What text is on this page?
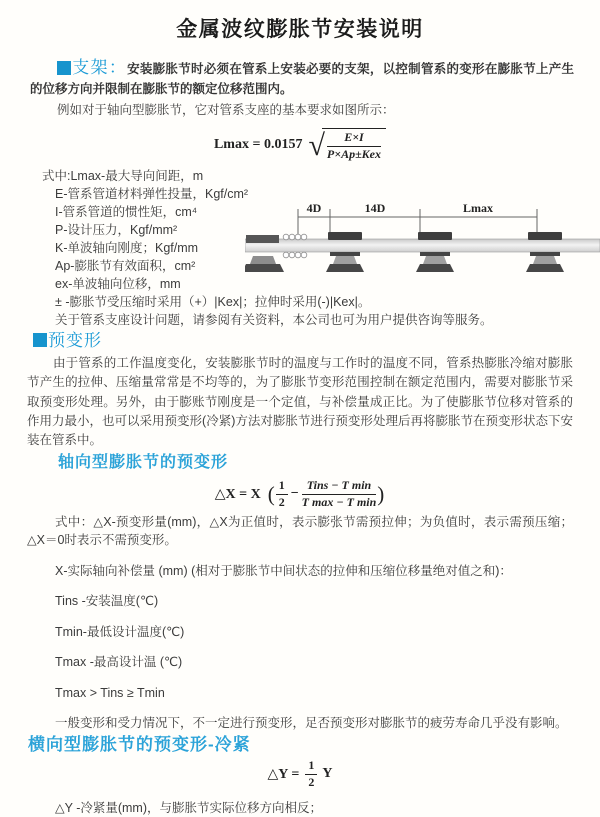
金属波纹膨胀节安装说明

支架：安装膨胀节时必须在管系上安装必要的支架，以控制管系的变形在膨胀节上产生的位移方向并限制在膨胀节的额定位移范围内。

例如对于轴向型膨胀节，它对管系支座的基本要求如图所示：

Lmax = 0.0157 √ $\frac{E\times I}{\text{P×Ap±Kex}}$
式中:Lmax-最大导向间距，m
E-管系管道材料弹性投量，Kgf/cm²
I-管系管道的惯性矩，cm⁴
P-设计压力，Kgf/mm²
K-单波轴向刚度；Kgf/mm
Ap-膨胀节有效面积，cm²
ex-单波轴向位移，mm
± -膨胀节受压缩时采用（+）|Kex|；拉伸时采用(-)|Kex|。
4D	14D	Lmax

关于管系支座设计问题，请参阅有关资料，本公司也可为用户提供咨询等服务。

预变形

由于管系的工作温度变化，安装膨胀节时的温度与工作时的温度不同，管系热膨胀冷缩对膨胀节产生的拉伸、压缩量常常是不均等的，为了膨胀节变形范围控制在额定范围内，需要对膨胀节采取预变形处理。另外，由于膨账节刚度是一个定值，与补偿量成正比。为了使膨胀节位移对管系的作用力最小，也可以采用预变形(冷紧)方法对膨胀节进行预变形处理后再将膨胀节在预变形状态下安装在管系中。

轴向型膨胀节的预变形
△X = X ( $\frac{1}{2} - \frac{\text{Tins − T min}}{\text{T max − T min}}$ )

式中：△X-预变形量(mm)，△X为正值时，表示膨张节需预拉伸；为负值时，表示需预压缩；△X＝0时表示不需预变形。

X-实际轴向补偿量 (mm) (相对于膨胀节中间状态的拉伸和压缩位移量绝对值之和)：

Tins -安装温度(℃)

Tmin-最低设计温度(℃)

Tmax -最高设计温 (℃)

Tmax > Tins ≥ Tmin

一般变形和受力情况下，不一定进行预变形，足否预变形对膨胀节的疲劳寿命几乎没有影响。

横向型膨胀节的预变形-冷紧
△Y = $\frac{1}{2}$ Y

△Y -冷紧量(mm)，与膨胀节实际位移方向相反；
